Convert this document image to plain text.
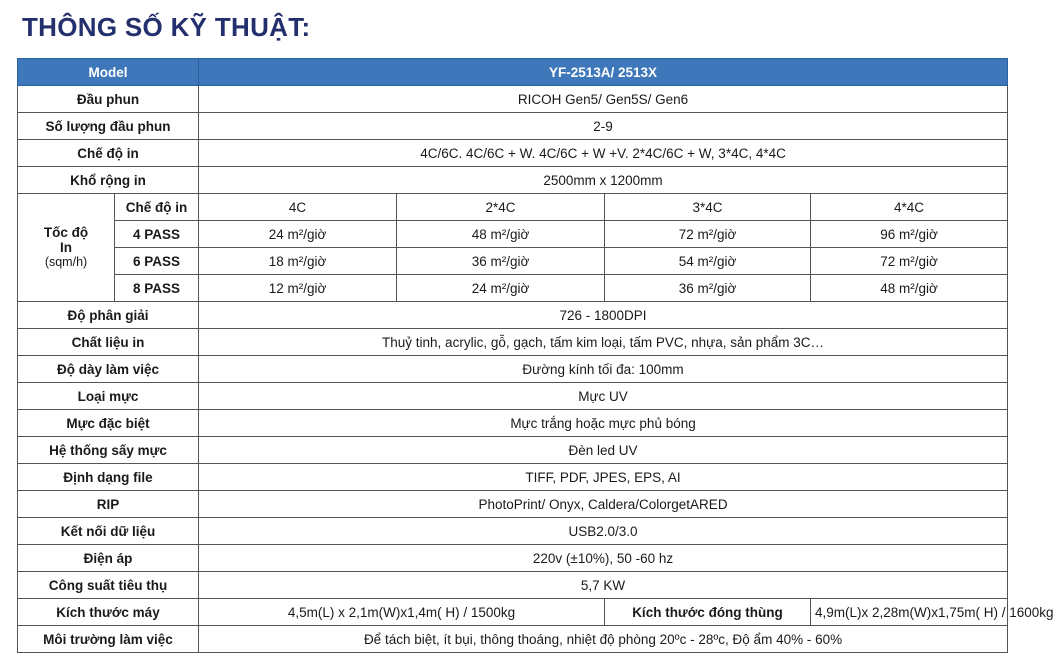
THÔNG SỐ KỸ THUẬT:
Model		YF-2513A/ 2513X			
Đầu phun		RICOH Gen5/ Gen5S/ Gen6			
Số lượng đầu phun		2-9			
Chế độ in		4C/6C. 4C/6C + W. 4C/6C + W +V. 2*4C/6C + W, 3*4C, 4*4C			
Khổ rộng in		2500mm x 1200mm			

Tốc độ
In
(sqm/h)	Chế độ in	4C	2*4C	3*4C	4*4C
	4 PASS	24 m²/giờ	48 m²/giờ	72 m²/giờ	96 m²/giờ
	6 PASS	18 m²/giờ	36 m²/giờ	54 m²/giờ	72 m²/giờ
	8 PASS	12 m²/giờ	24 m²/giờ	36 m²/giờ	48 m²/giờ
Độ phân giải		726 - 1800DPI			
Chất liệu in		Thuỷ tinh, acrylic, gỗ, gạch, tấm kim loại, tấm PVC, nhựa, sản phẩm 3C…			
Độ dày làm việc		Đường kính tối đa: 100mm			
Loại mực		Mực UV			
Mực đặc biệt		Mực trắng hoặc mực phủ bóng			
Hệ thống sấy mực		Đèn led UV			
Định dạng file		TIFF, PDF, JPES, EPS, AI			
RIP		PhotoPrint/ Onyx, Caldera/ColorgetARED			
Kết nối dữ liệu		USB2.0/3.0			
Điện áp		220v (±10%), 50 -60 hz			
Công suất tiêu thụ		5,7 KW			
Kích thước máy		4,5m(L) x 2,1m(W)x1,4m( H) / 1500kg		Kích thước đóng thùng	4,9m(L)x 2,28m(W)x1,75m( H) / 1600kg
Môi trường làm việc		Để tách biệt, ít bụi, thông thoáng, nhiệt độ phòng 20ºc - 28ºc, Độ ẩm 40% - 60%			
